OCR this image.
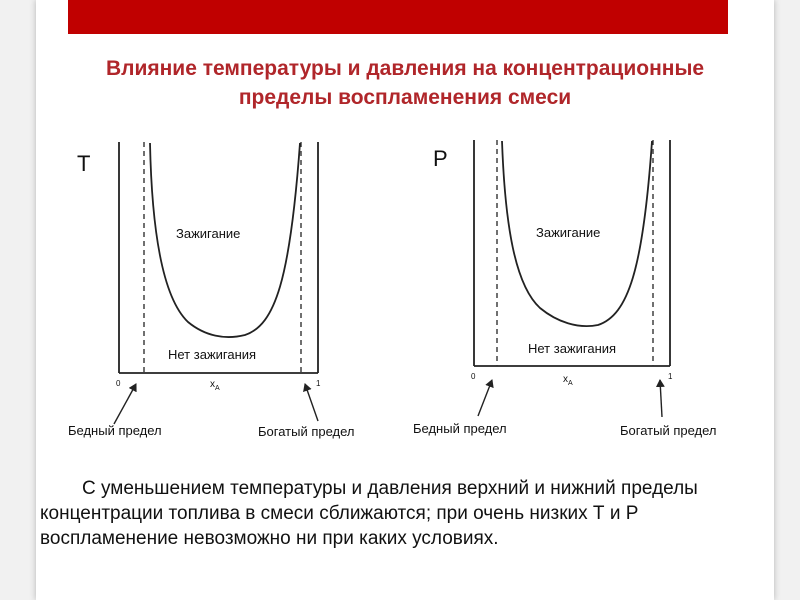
Влияние температуры и давления на концентрационные
пределы воспламенения смеси
T
Зажигание
Нет зажигания
0	1
$x_A$
Бедный предел	Богатый предел
P
Зажигание
Нет зажигания
0	1
$x_A$
Бедный предел	Богатый предел
С уменьшением температуры и давления верхний и нижний пределы концентрации топлива в смеси сближаются; при очень низких Т и Р воспламенение невозможно ни при каких условиях.
